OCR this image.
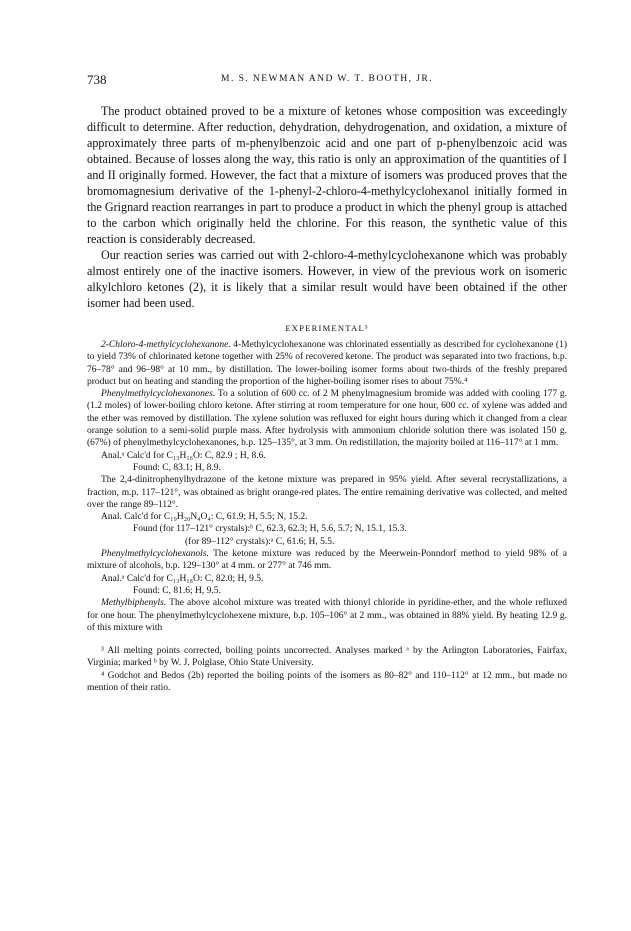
738	M. S. NEWMAN AND W. T. BOOTH, JR.

The product obtained proved to be a mixture of ketones whose composition was exceedingly difficult to determine. After reduction, dehydration, dehydrogenation, and oxidation, a mixture of approximately three parts of m-phenylbenzoic acid and one part of p-phenylbenzoic acid was obtained. Because of losses along the way, this ratio is only an approximation of the quantities of I and II originally formed. However, the fact that a mixture of isomers was produced proves that the bromomagnesium derivative of the 1-phenyl-2-chloro-4-methylcyclohexanol initially formed in the Grignard reaction rearranges in part to produce a product in which the phenyl group is attached to the carbon which originally held the chlorine. For this reason, the synthetic value of this reaction is considerably decreased.

Our reaction series was carried out with 2-chloro-4-methylcyclohexanone which was probably almost entirely one of the inactive isomers. However, in view of the previous work on isomeric alkylchloro ketones (2), it is likely that a similar result would have been obtained if the other isomer had been used.

EXPERIMENTAL³

2-Chloro-4-methylcyclohexanone. 4-Methylcyclohexanone was chlorinated essentially as described for cyclohexanone (1) to yield 73% of chlorinated ketone together with 25% of recovered ketone. The product was separated into two fractions, b.p. 76–78° and 96–98° at 10 mm., by distillation. The lower-boiling isomer forms about two-thirds of the freshly prepared product but on heating and standing the proportion of the higher-boiling isomer rises to about 75%.⁴

Phenylmethylcyclohexanones. To a solution of 600 cc. of 2 M phenylmagnesium bromide was added with cooling 177 g. (1.2 moles) of lower-boiling chloro ketone. After stirring at room temperature for one hour, 600 cc. of xylene was added and the ether was removed by distillation. The xylene solution was refluxed for eight hours during which it changed from a clear orange solution to a semi-solid purple mass. After hydrolysis with ammonium chloride solution there was isolated 150 g. (67%) of phenylmethylcyclohexanones, b.p. 125–135°, at 3 mm. On redistillation, the majority boiled at 116–117° at 1 mm.

Anal.ᵃ Calc'd for C₁₃H₁₆O: C, 82.9 ; H, 8.6.

Found: C, 83.1; H, 8.9.

The 2,4-dinitrophenylhydrazone of the ketone mixture was prepared in 95% yield. After several recrystallizations, a fraction, m.p. 117–121°, was obtained as bright orange-red plates. The entire remaining derivative was collected, and melted over the range 89–112°.

Anal. Calc'd for C₁₉H₂₀N₄O₄: C, 61.9; H, 5.5; N, 15.2.

Found (for 117–121° crystals):ᵇ C, 62.3, 62.3; H, 5.6, 5.7; N, 15.1, 15.3.

(for 89–112° crystals):ᵃ C, 61.6; H, 5.5.

Phenylmethylcyclohexanols. The ketone mixture was reduced by the Meerwein-Ponndorf method to yield 98% of a mixture of alcohols, b.p. 129–130° at 4 mm. or 277° at 746 mm.

Anal.ᵃ Calc'd for C₁₃H₁₈O: C, 82.0; H, 9.5.

Found: C, 81.6; H, 9.5.

Methylbiphenyls. The above alcohol mixture was treated with thionyl chloride in pyridine-ether, and the whole refluxed for one hour. The phenylmethylcyclohexene mixture, b.p. 105–106° at 2 mm., was obtained in 88% yield. By heating 12.9 g. of this mixture with

³ All melting points corrected, boiling points uncorrected. Analyses marked ᵃ by the Arlington Laboratories, Fairfax, Virginia; marked ᵇ by W. J. Polglase, Ohio State University.

⁴ Godchot and Bedos (2b) reported the boiling points of the isomers as 80–82° and 110–112° at 12 mm., but made no mention of their ratio.
